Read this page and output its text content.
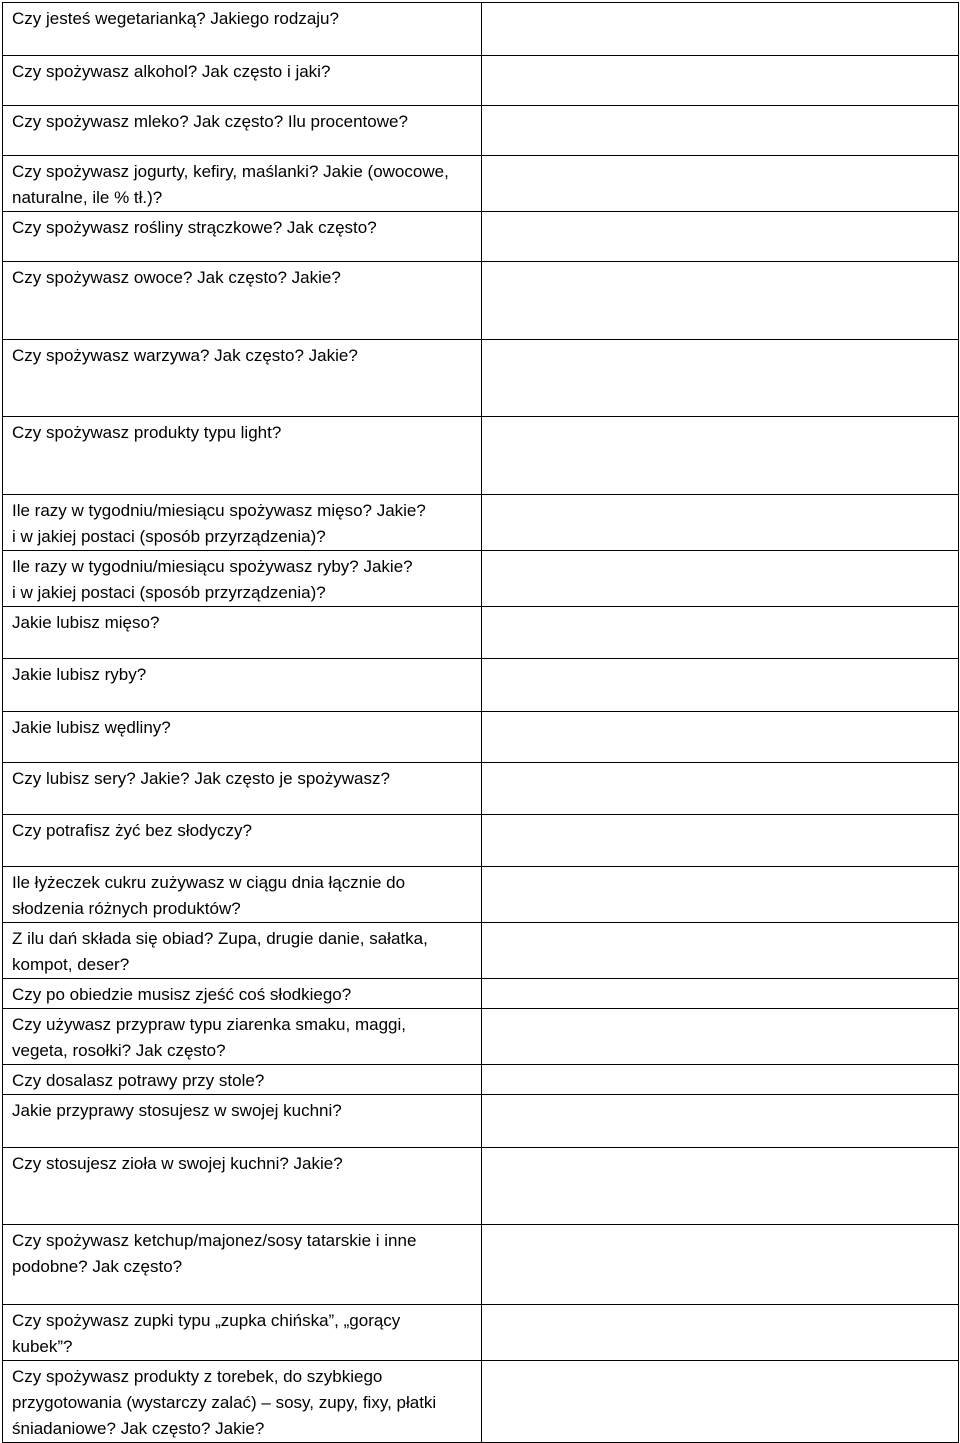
Czy jesteś wegetarianką? Jakiego rodzaju?	

Czy spożywasz alkohol? Jak często i jaki?	

Czy spożywasz mleko? Jak często? Ilu procentowe?	

Czy spożywasz jogurty, kefiry, maślanki? Jakie (owocowe,
naturalne, ile % tł.)?	

Czy spożywasz rośliny strączkowe? Jak często?	

Czy spożywasz owoce? Jak często? Jakie?	

Czy spożywasz warzywa? Jak często? Jakie?	

Czy spożywasz produkty typu light?	

Ile razy w tygodniu/miesiącu spożywasz mięso? Jakie?
i w jakiej postaci (sposób przyrządzenia)?	

Ile razy w tygodniu/miesiącu spożywasz ryby? Jakie?
i w jakiej postaci (sposób przyrządzenia)?	

Jakie lubisz mięso?	

Jakie lubisz ryby?	

Jakie lubisz wędliny?	

Czy lubisz sery? Jakie? Jak często je spożywasz?	

Czy potrafisz żyć bez słodyczy?	

Ile łyżeczek cukru zużywasz w ciągu dnia łącznie do
słodzenia różnych produktów?	

Z ilu dań składa się obiad? Zupa, drugie danie, sałatka,
kompot, deser?	

Czy po obiedzie musisz zjeść coś słodkiego?	

Czy używasz przypraw typu ziarenka smaku, maggi,
vegeta, rosołki? Jak często?	

Czy dosalasz potrawy przy stole?	

Jakie przyprawy stosujesz w swojej kuchni?	

Czy stosujesz zioła w swojej kuchni? Jakie?	

Czy spożywasz ketchup/majonez/sosy tatarskie i inne
podobne? Jak często?	

Czy spożywasz zupki typu „zupka chińska”, „gorący
kubek”?	

Czy spożywasz produkty z torebek, do szybkiego
przygotowania (wystarczy zalać) – sosy, zupy, fixy, płatki
śniadaniowe? Jak często? Jakie?	
